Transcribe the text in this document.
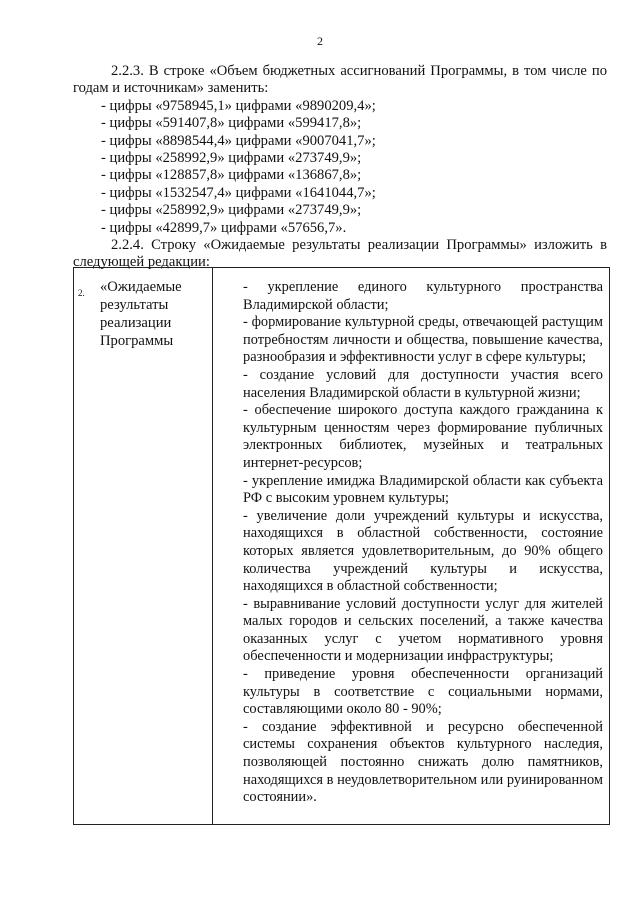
2

2.2.3. В строке «Объем бюджетных ассигнований Программы, в том числе по годам и источникам» заменить:

- цифры «9758945,1» цифрами «9890209,4»;
- цифры «591407,8» цифрами «599417,8»;
- цифры «8898544,4» цифрами «9007041,7»;
- цифры «258992,9» цифрами «273749,9»;
- цифры «128857,8» цифрами «136867,8»;
- цифры «1532547,4» цифрами «1641044,7»;
- цифры «258992,9» цифрами «273749,9»;
- цифры «42899,7» цифрами «57656,7».

2.2.4. Строку «Ожидаемые результаты реализации Программы» изложить в следующей редакции:

2. «Ожидаемые
результаты
реализации
Программы

- укрепление единого культурного пространства Владимирской области;

- формирование культурной среды, отвечающей растущим потребностям личности и общества, повышение качества, разнообразия и эффективности услуг в сфере культуры;

- создание условий для доступности участия всего населения Владимирской области в культурной жизни;

- обеспечение широкого доступа каждого гражданина к культурным ценностям через формирование публичных электронных библиотек, музейных и театральных интернет-ресурсов;

- укрепление имиджа Владимирской области как субъекта РФ с высоким уровнем культуры;

- увеличение доли учреждений культуры и искусства, находящихся в областной собственности, состояние которых является удовлетворительным, до 90% общего количества учреждений культуры и искусства, находящихся в областной собственности;

- выравнивание условий доступности услуг для жителей малых городов и сельских поселений, а также качества оказанных услуг с учетом нормативного уровня обеспеченности и модернизации инфраструктуры;

- приведение уровня обеспеченности организаций культуры в соответствие с социальными нормами, составляющими около 80 - 90%;

- создание эффективной и ресурсно обеспеченной системы сохранения объектов культурного наследия, позволяющей постоянно снижать долю памятников, находящихся в неудовлетворительном или руинированном состоянии».
